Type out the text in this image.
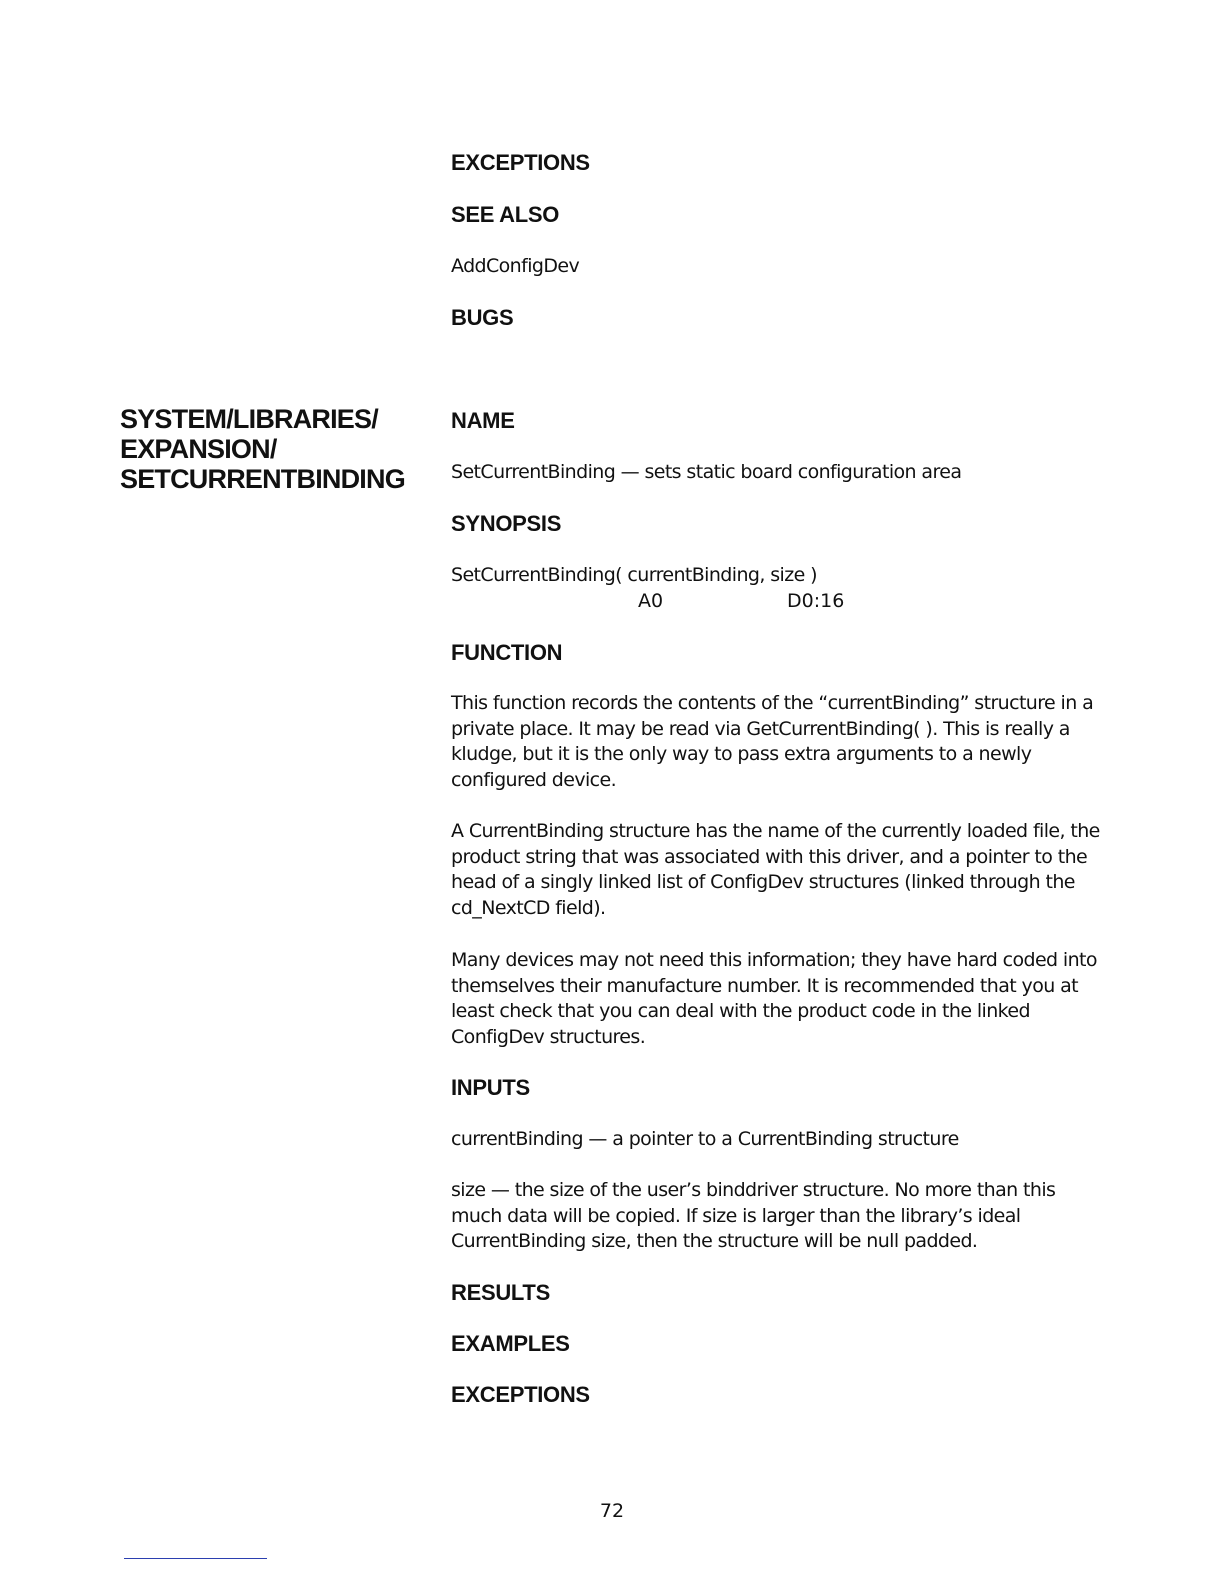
SYSTEM/LIBRARIES/
EXPANSION/
SETCURRENTBINDING
EXCEPTIONS
SEE ALSO

AddConfigDev

BUGS
NAME

SetCurrentBinding — sets static board configuration area

SYNOPSIS

SetCurrentBinding( currentBinding, size )

A0	D0:16
FUNCTION

This function records the contents of the “currentBinding” structure in a private place. It may be read via GetCurrentBinding( ). This is really a kludge, but it is the only way to pass extra arguments to a newly configured device.

A CurrentBinding structure has the name of the currently loaded file, the product string that was associated with this driver, and a pointer to the head of a singly linked list of ConfigDev structures (linked through the cd_NextCD field).

Many devices may not need this information; they have hard coded into themselves their manufacture number. It is recommended that you at least check that you can deal with the product code in the linked ConfigDev structures.

INPUTS

currentBinding — a pointer to a CurrentBinding structure

size — the size of the user’s binddriver structure. No more than this much data will be copied. If size is larger than the library’s ideal CurrentBinding size, then the structure will be null padded.

RESULTS
EXAMPLES
EXCEPTIONS
72
